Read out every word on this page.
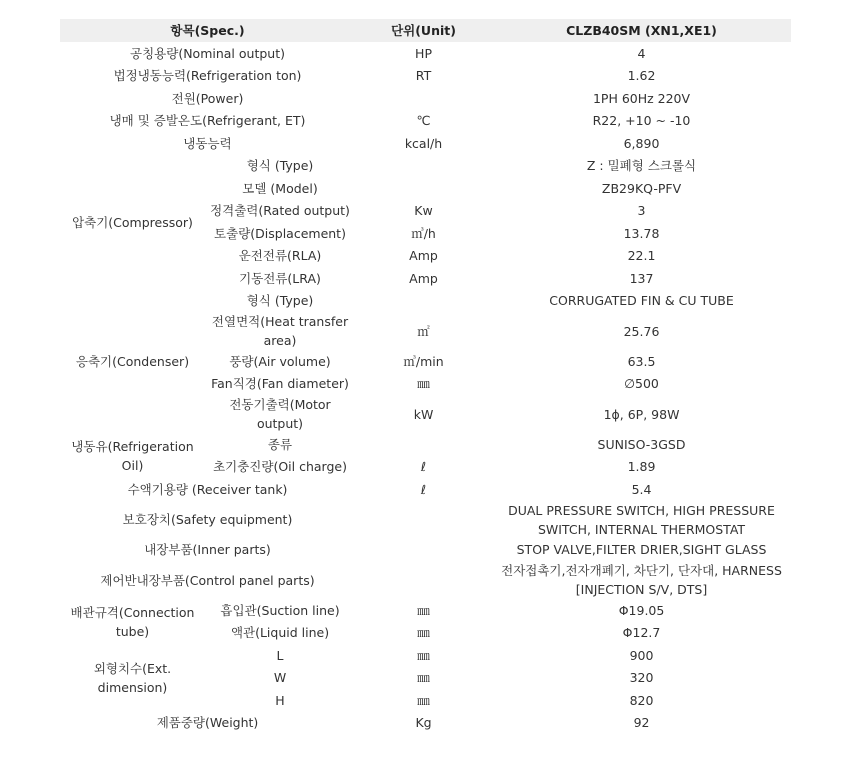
항목(Spec.)		단위(Unit)	CLZB40SM (XN1,XE1)
공칭용량(Nominal output)		HP	4
법정냉동능력(Refrigeration ton)		RT	1.62
전원(Power)			1PH 60Hz 220V
냉매 및 증발온도(Refrigerant, ET)		℃	R22, +10 ~ -10
냉동능력		kcal/h	6,890
압축기(Compressor)	형식 (Type)		Z : 밀폐형 스크롤식
	모델 (Model)		ZB29KQ-PFV
	정격출력(Rated output)	Kw	3
	토출량(Displacement)	㎥/h	13.78
	운전전류(RLA)	Amp	22.1
	기동전류(LRA)	Amp	137
응축기(Condenser)	형식 (Type)		CORRUGATED FIN & CU TUBE
	전열면적(Heat transfer area)	㎡	25.76
	풍량(Air volume)	㎥/min	63.5
	Fan직경(Fan diameter)	㎜	∅500
	전동기출력(Motor output)	kW	1ϕ, 6P, 98W
냉동유(Refrigeration Oil)	종류		SUNISO-3GSD
	초기충진량(Oil charge)	ℓ	1.89
수액기용량 (Receiver tank)		ℓ	5.4
보호장치(Safety equipment)			DUAL PRESSURE SWITCH, HIGH PRESSURE SWITCH, INTERNAL THERMOSTAT
내장부품(Inner parts)			STOP VALVE,FILTER DRIER,SIGHT GLASS
제어반내장부품(Control panel parts)			전자접촉기,전자개폐기, 차단기, 단자대, HARNESS [INJECTION S/V, DTS]
배관규격(Connection tube)	흡입관(Suction line)	㎜	Φ19.05
	액관(Liquid line)	㎜	Φ12.7
외형치수(Ext. dimension)	L	㎜	900
	W	㎜	320
	H	㎜	820
제품중량(Weight)		Kg	92
